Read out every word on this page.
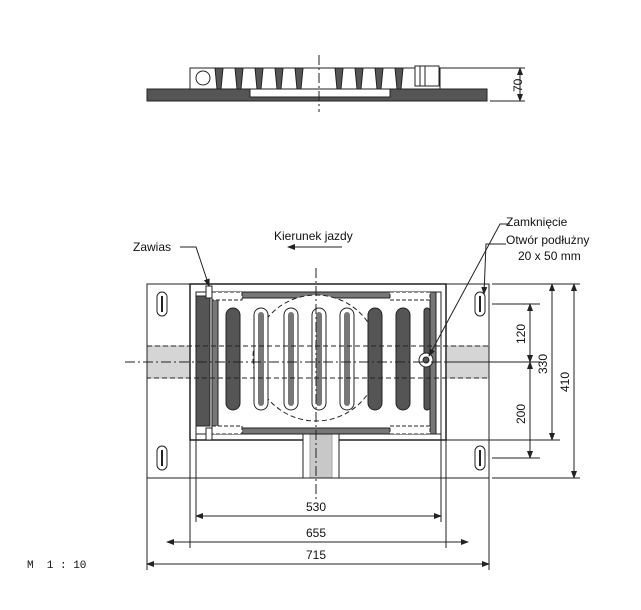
70
Kierunek jazdy
Zawias
Zamknięcie
Otwór podłużny
20 x 50 mm
120
200
330
410
530
655
715
M  1 : 10
